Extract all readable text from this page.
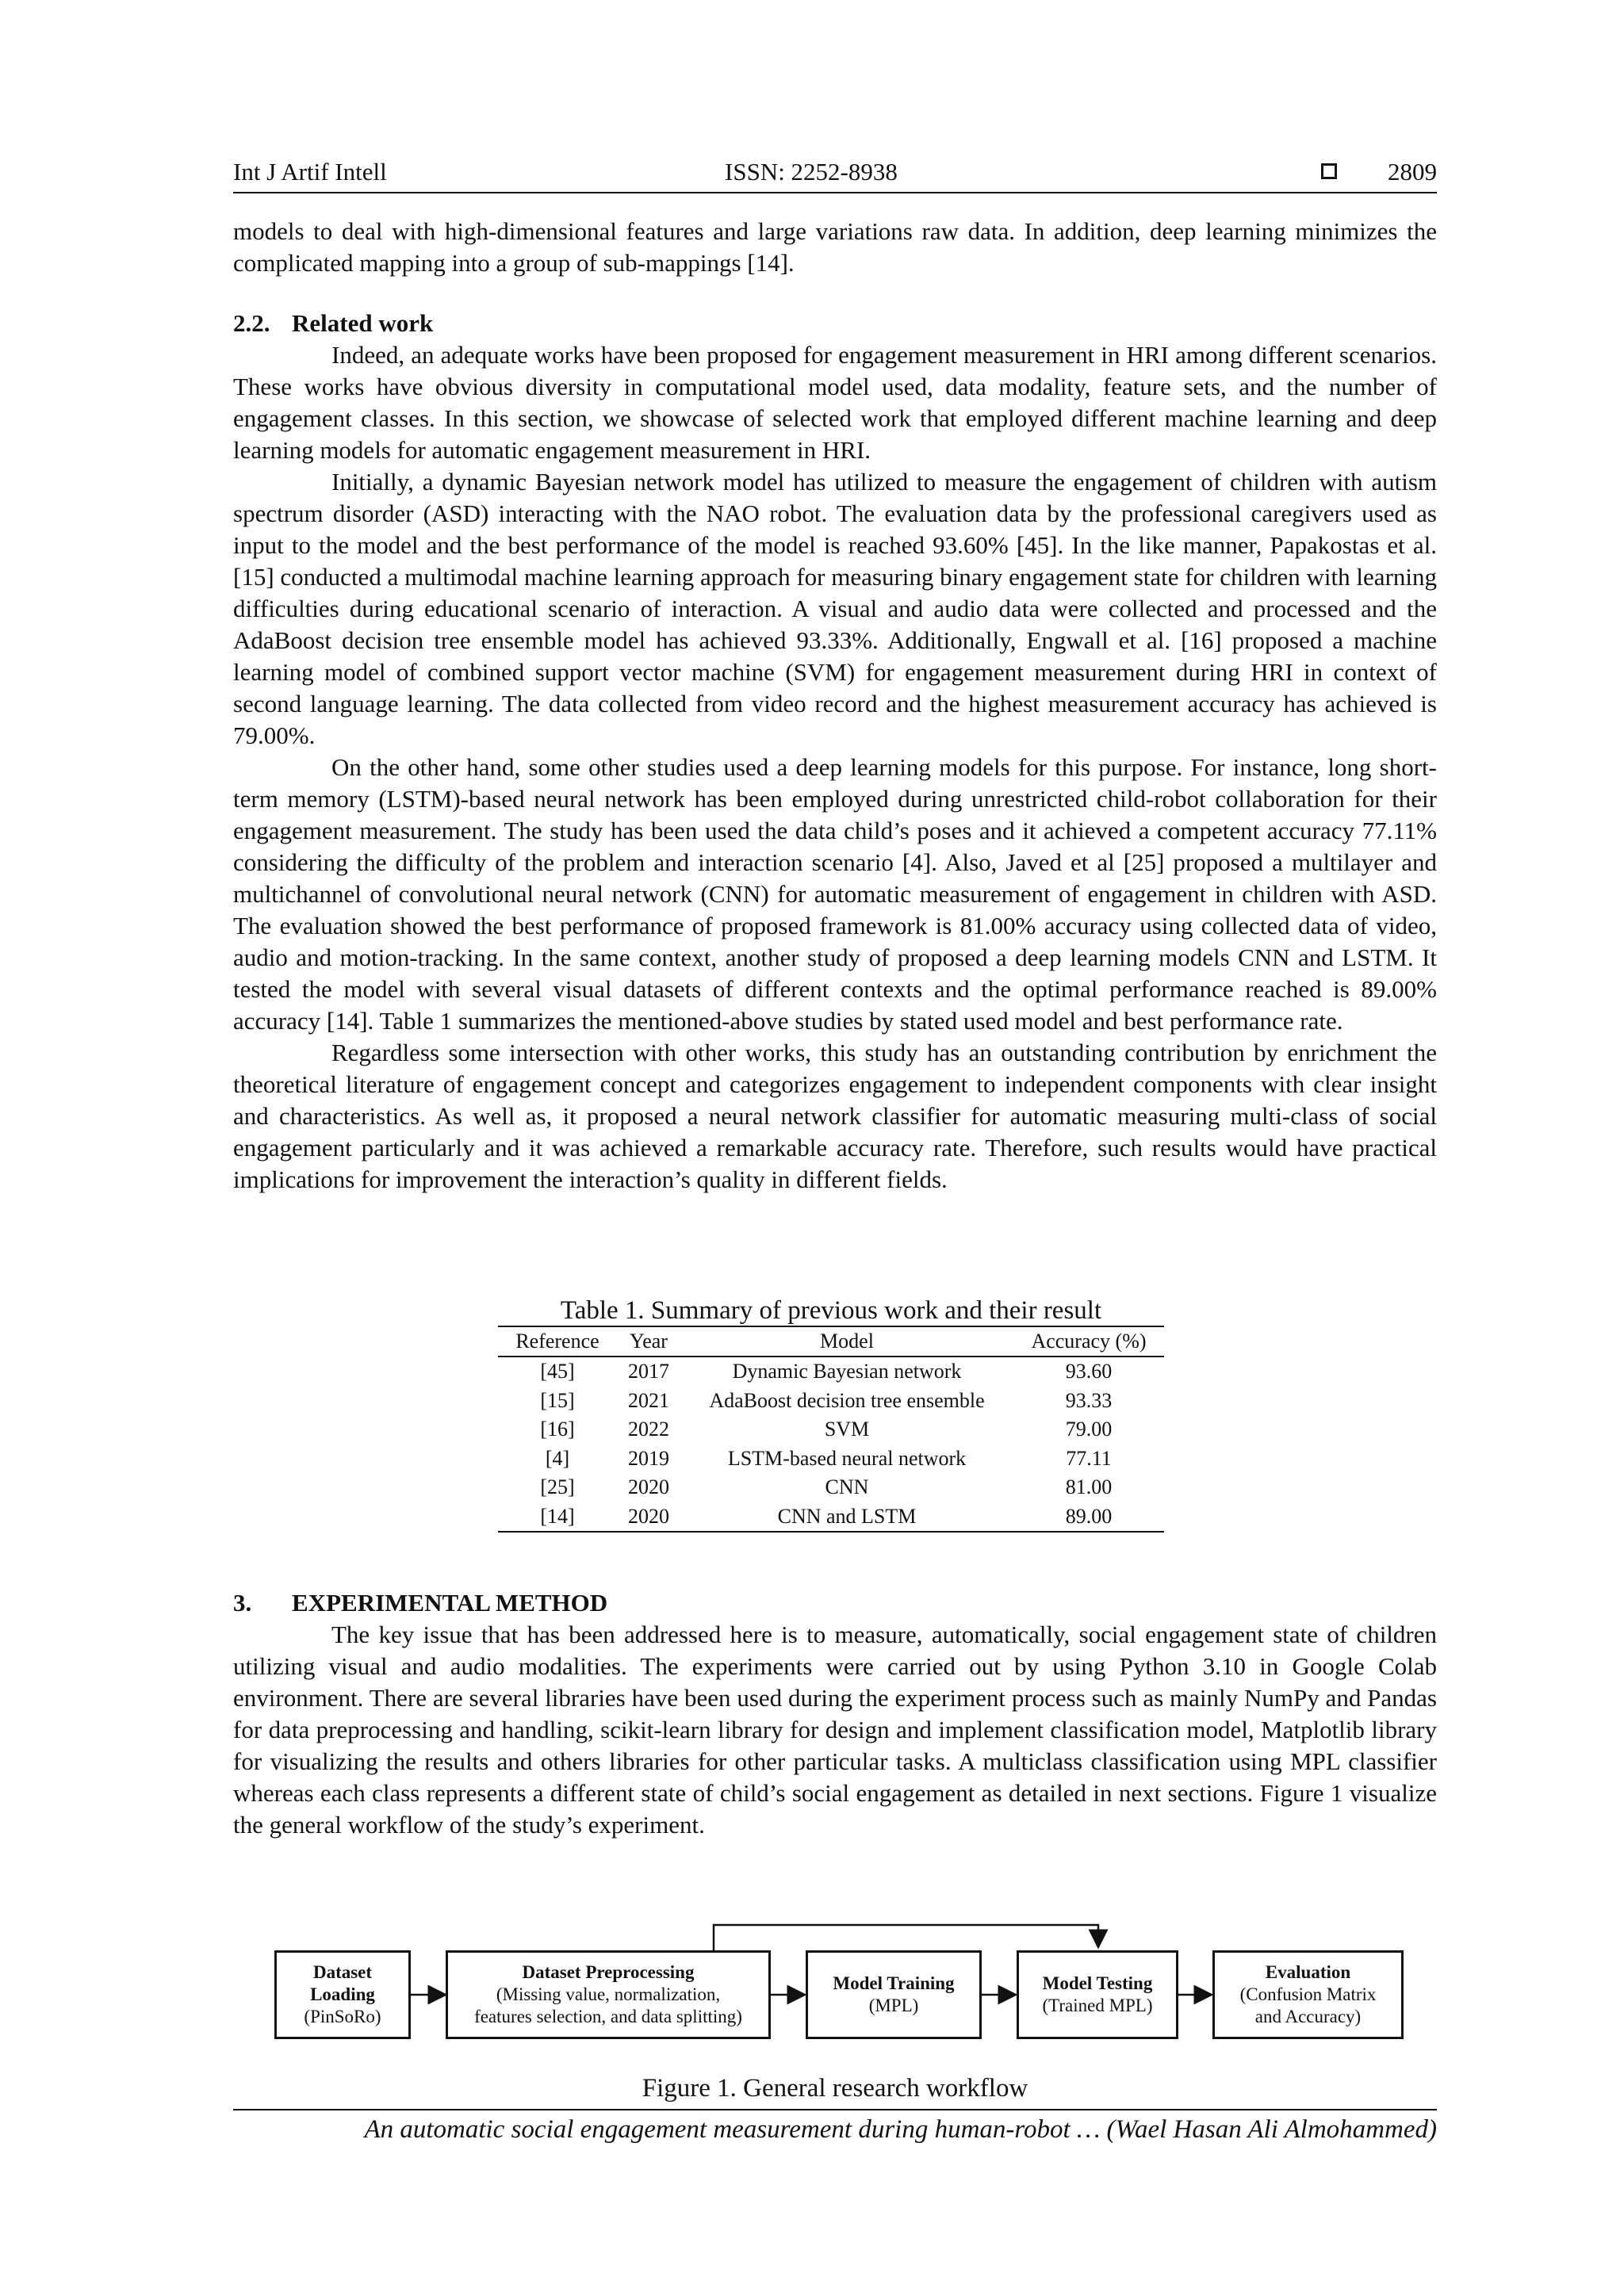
Int J Artif Intell	ISSN: 2252-8938	2809

models to deal with high-dimensional features and large variations raw data. In addition, deep learning minimizes the complicated mapping into a group of sub-mappings [14].

2.2. Related work

Indeed, an adequate works have been proposed for engagement measurement in HRI among different scenarios. These works have obvious diversity in computational model used, data modality, feature sets, and the number of engagement classes. In this section, we showcase of selected work that employed different machine learning and deep learning models for automatic engagement measurement in HRI.

Initially, a dynamic Bayesian network model has utilized to measure the engagement of children with autism spectrum disorder (ASD) interacting with the NAO robot. The evaluation data by the professional caregivers used as input to the model and the best performance of the model is reached 93.60% [45]. In the like manner, Papakostas et al. [15] conducted a multimodal machine learning approach for measuring binary engagement state for children with learning difficulties during educational scenario of interaction. A visual and audio data were collected and processed and the AdaBoost decision tree ensemble model has achieved 93.33%. Additionally, Engwall et al. [16] proposed a machine learning model of combined support vector machine (SVM) for engagement measurement during HRI in context of second language learning. The data collected from video record and the highest measurement accuracy has achieved is 79.00%.

On the other hand, some other studies used a deep learning models for this purpose. For instance, long short-term memory (LSTM)-based neural network has been employed during unrestricted child-robot collaboration for their engagement measurement. The study has been used the data child’s poses and it achieved a competent accuracy 77.11% considering the difficulty of the problem and interaction scenario [4]. Also, Javed et al [25] proposed a multilayer and multichannel of convolutional neural network (CNN) for automatic measurement of engagement in children with ASD. The evaluation showed the best performance of proposed framework is 81.00% accuracy using collected data of video, audio and motion-tracking. In the same context, another study of proposed a deep learning models CNN and LSTM. It tested the model with several visual datasets of different contexts and the optimal performance reached is 89.00% accuracy [14]. Table 1 summarizes the mentioned-above studies by stated used model and best performance rate.

Regardless some intersection with other works, this study has an outstanding contribution by enrichment the theoretical literature of engagement concept and categorizes engagement to independent components with clear insight and characteristics. As well as, it proposed a neural network classifier for automatic measuring multi-class of social engagement particularly and it was achieved a remarkable accuracy rate. Therefore, such results would have practical implications for improvement the interaction’s quality in different fields.

Table 1. Summary of previous work and their result
Reference	Year	Model	Accuracy (%)
[45]	2017	Dynamic Bayesian network	93.60
[15]	2021	AdaBoost decision tree ensemble	93.33
[16]	2022	SVM	79.00
[4]	2019	LSTM-based neural network	77.11
[25]	2020	CNN	81.00
[14]	2020	CNN and LSTM	89.00
3. EXPERIMENTAL METHOD

The key issue that has been addressed here is to measure, automatically, social engagement state of children utilizing visual and audio modalities. The experiments were carried out by using Python 3.10 in Google Colab environment. There are several libraries have been used during the experiment process such as mainly NumPy and Pandas for data preprocessing and handling, scikit-learn library for design and implement classification model, Matplotlib library for visualizing the results and others libraries for other particular tasks. A multiclass classification using MPL classifier whereas each class represents a different state of child’s social engagement as detailed in next sections. Figure 1 visualize the general workflow of the study’s experiment.

Dataset
Loading
(PinSoRo)
Dataset Preprocessing
(Missing value, normalization,
features selection, and data splitting)
Model Training
(MPL)
Model Testing
(Trained MPL)
Evaluation
(Confusion Matrix
and Accuracy)
Figure 1. General research workflow
An automatic social engagement measurement during human-robot … (Wael Hasan Ali Almohammed)
